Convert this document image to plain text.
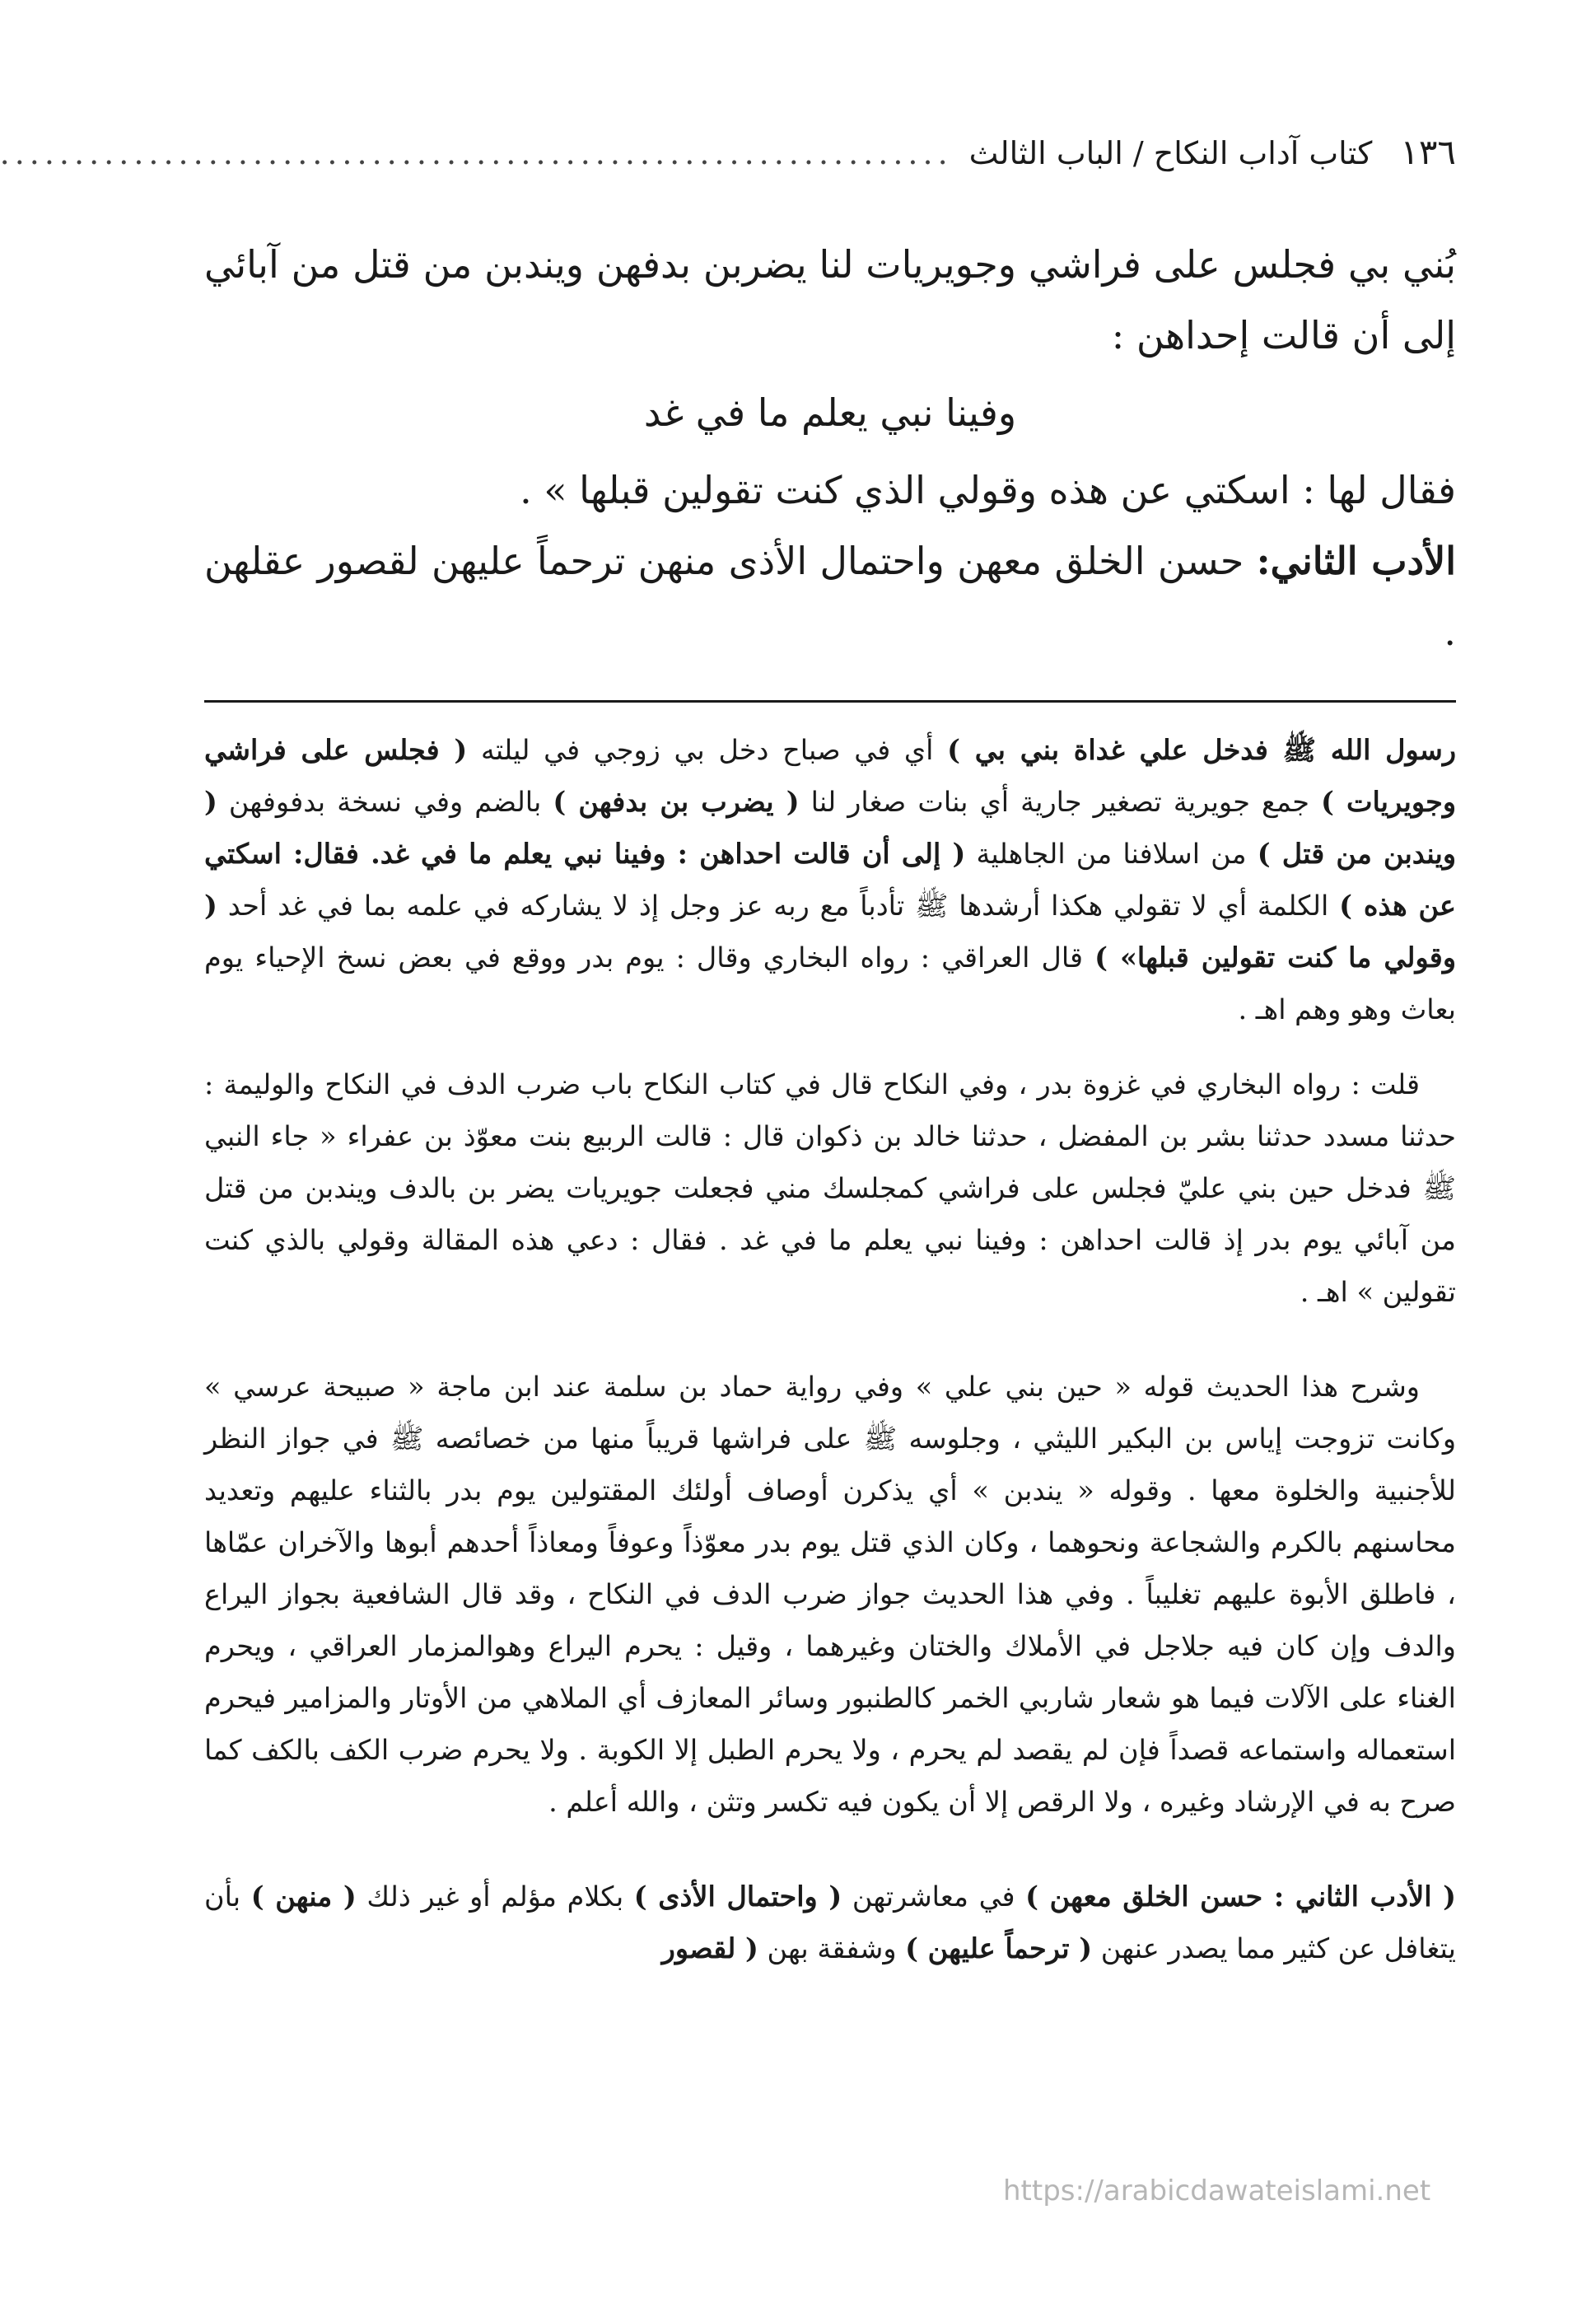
١٣٦
كتاب آداب النكاح / الباب الثالث
................................................................

بُني بي فجلس على فراشي وجويريات لنا يضربن بدفهن ويندبن من قتل من آبائي إلى أن قالت إحداهن :

وفينا نبي يعلم ما في غد

فقال لها : اسكتي عن هذه وقولي الذي كنت تقولين قبلها » .

الأدب الثاني: حسن الخلق معهن واحتمال الأذى منهن ترحماً عليهن لقصور عقلهن .

رسول الله ﷺ فدخل علي غداة بني بي ) أي في صباح دخل بي زوجي في ليلته ( فجلس على فراشي وجويريات ) جمع جويرية تصغير جارية أي بنات صغار لنا ( يضرب بن بدفهن ) بالضم وفي نسخة بدفوفهن ( ويندبن من قتل ) من اسلافنا من الجاهلية ( إلى أن قالت احداهن : وفينا نبي يعلم ما في غد. فقال: اسكتي عن هذه ) الكلمة أي لا تقولي هكذا أرشدها ﷺ تأدباً مع ربه عز وجل إذ لا يشاركه في علمه بما في غد أحد ( وقولي ما كنت تقولين قبلها» ) قال العراقي : رواه البخاري وقال : يوم بدر ووقع في بعض نسخ الإحياء يوم بعاث وهو وهم اهـ .

قلت : رواه البخاري في غزوة بدر ، وفي النكاح قال في كتاب النكاح باب ضرب الدف في النكاح والوليمة : حدثنا مسدد حدثنا بشر بن المفضل ، حدثنا خالد بن ذكوان قال : قالت الربيع بنت معوّذ بن عفراء « جاء النبي ﷺ فدخل حين بني عليّ فجلس على فراشي كمجلسك مني فجعلت جويريات يضر بن بالدف ويندبن من قتل من آبائي يوم بدر إذ قالت احداهن : وفينا نبي يعلم ما في غد . فقال : دعي هذه المقالة وقولي بالذي كنت تقولين » اهـ .

وشرح هذا الحديث قوله « حين بني علي » وفي رواية حماد بن سلمة عند ابن ماجة « صبيحة عرسي » وكانت تزوجت إياس بن البكير الليثي ، وجلوسه ﷺ على فراشها قريباً منها من خصائصه ﷺ في جواز النظر للأجنبية والخلوة معها . وقوله « يندبن » أي يذكرن أوصاف أولئك المقتولين يوم بدر بالثناء عليهم وتعديد محاسنهم بالكرم والشجاعة ونحوهما ، وكان الذي قتل يوم بدر معوّذاً وعوفاً ومعاذاً أحدهم أبوها والآخران عمّاها ، فاطلق الأبوة عليهم تغليباً . وفي هذا الحديث جواز ضرب الدف في النكاح ، وقد قال الشافعية بجواز اليراع والدف وإن كان فيه جلاجل في الأملاك والختان وغيرهما ، وقيل : يحرم اليراع وهوالمزمار العراقي ، ويحرم الغناء على الآلات فيما هو شعار شاربي الخمر كالطنبور وسائر المعازف أي الملاهي من الأوتار والمزامير فيحرم استعماله واستماعه قصداً فإن لم يقصد لم يحرم ، ولا يحرم الطبل إلا الكوبة . ولا يحرم ضرب الكف بالكف كما صرح به في الإرشاد وغيره ، ولا الرقص إلا أن يكون فيه تكسر وتثن ، والله أعلم .

( الأدب الثاني : حسن الخلق معهن ) في معاشرتهن ( واحتمال الأذى ) بكلام مؤلم أو غير ذلك ( منهن ) بأن يتغافل عن كثير مما يصدر عنهن ( ترحماً عليهن ) وشفقة بهن ( لقصور

https://arabicdawateislami.net
